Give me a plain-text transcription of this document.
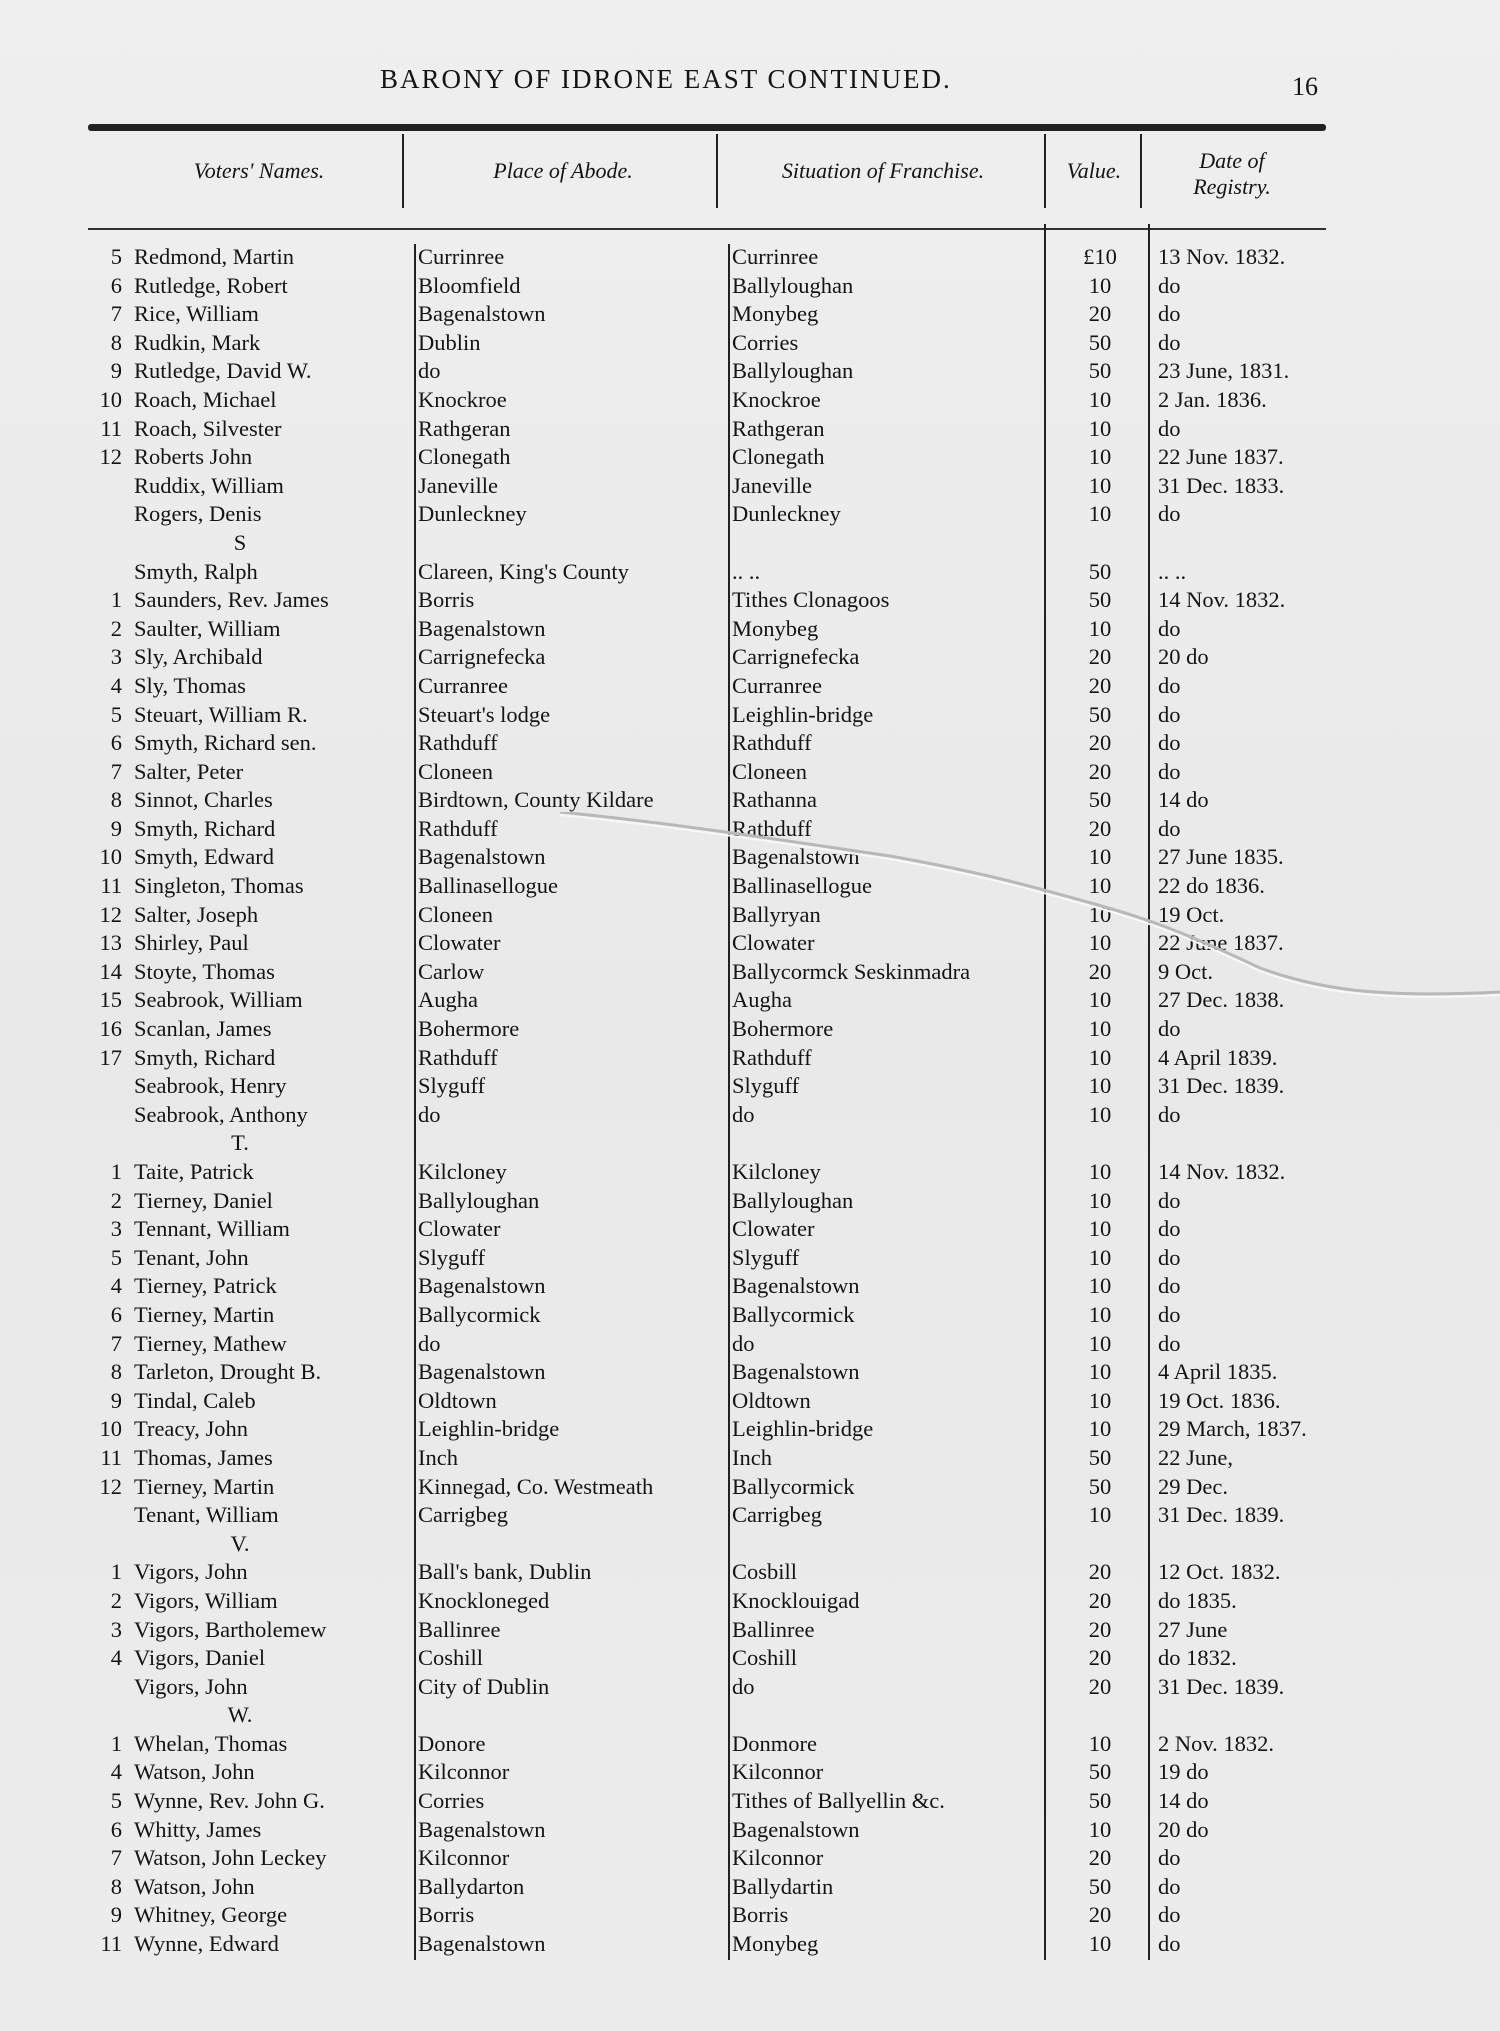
BARONY OF IDRONE EAST CONTINUED.	16
Voters' Names.	Place of Abode.	Situation of Franchise.	Value.	Date of
Registry.
5 Redmond, Martin	Currinree	Currinree	£10	13 Nov. 1832.
6 Rutledge, Robert	Bloomfield	Ballyloughan	10	do
7 Rice, William	Bagenalstown	Monybeg	20	do
8 Rudkin, Mark	Dublin	Corries	50	do
9 Rutledge, David W.	do	Ballyloughan	50	23 June, 1831.
10 Roach, Michael	Knockroe	Knockroe	10	2 Jan. 1836.
11 Roach, Silvester	Rathgeran	Rathgeran	10	do
12 Roberts John	Clonegath	Clonegath	10	22 June 1837.
Ruddix, William	Janeville	Janeville	10	31 Dec. 1833.
Rogers, Denis	Dunleckney	Dunleckney	10	do
S
Smyth, Ralph	Clareen, King's County	.. ..	50	.. ..
1 Saunders, Rev. James	Borris	Tithes Clonagoos	50	14 Nov. 1832.
2 Saulter, William	Bagenalstown	Monybeg	10	do
3 Sly, Archibald	Carrignefecka	Carrignefecka	20	20 do
4 Sly, Thomas	Curranree	Curranree	20	do
5 Steuart, William R.	Steuart's lodge	Leighlin-bridge	50	do
6 Smyth, Richard sen.	Rathduff	Rathduff	20	do
7 Salter, Peter	Cloneen	Cloneen	20	do
8 Sinnot, Charles	Birdtown, County Kildare	Rathanna	50	14 do
9 Smyth, Richard	Rathduff	Rathduff	20	do
10 Smyth, Edward	Bagenalstown	Bagenalstown	10	27 June 1835.
11 Singleton, Thomas	Ballinasellogue	Ballinasellogue	10	22 do 1836.
12 Salter, Joseph	Cloneen	Ballyryan	10	19 Oct.
13 Shirley, Paul	Clowater	Clowater	10	22 June 1837.
14 Stoyte, Thomas	Carlow	Ballycormck Seskinmadra	20	9 Oct.
15 Seabrook, William	Augha	Augha	10	27 Dec. 1838.
16 Scanlan, James	Bohermore	Bohermore	10	do
17 Smyth, Richard	Rathduff	Rathduff	10	4 April 1839.
Seabrook, Henry	Slyguff	Slyguff	10	31 Dec. 1839.
Seabrook, Anthony	do	do	10	do
T.
1 Taite, Patrick	Kilcloney	Kilcloney	10	14 Nov. 1832.
2 Tierney, Daniel	Ballyloughan	Ballyloughan	10	do
3 Tennant, William	Clowater	Clowater	10	do
5 Tenant, John	Slyguff	Slyguff	10	do
4 Tierney, Patrick	Bagenalstown	Bagenalstown	10	do
6 Tierney, Martin	Ballycormick	Ballycormick	10	do
7 Tierney, Mathew	do	do	10	do
8 Tarleton, Drought B.	Bagenalstown	Bagenalstown	10	4 April 1835.
9 Tindal, Caleb	Oldtown	Oldtown	10	19 Oct. 1836.
10 Treacy, John	Leighlin-bridge	Leighlin-bridge	10	29 March, 1837.
11 Thomas, James	Inch	Inch	50	22 June,
12 Tierney, Martin	Kinnegad, Co. Westmeath	Ballycormick	50	29 Dec.
Tenant, William	Carrigbeg	Carrigbeg	10	31 Dec. 1839.
V.
1 Vigors, John	Ball's bank, Dublin	Cosbill	20	12 Oct. 1832.
2 Vigors, William	Knockloneged	Knocklouigad	20	do 1835.
3 Vigors, Bartholemew	Ballinree	Ballinree	20	27 June
4 Vigors, Daniel	Coshill	Coshill	20	do 1832.
Vigors, John	City of Dublin	do	20	31 Dec. 1839.
W.
1 Whelan, Thomas	Donore	Donmore	10	2 Nov. 1832.
4 Watson, John	Kilconnor	Kilconnor	50	19 do
5 Wynne, Rev. John G.	Corries	Tithes of Ballyellin &c.	50	14 do
6 Whitty, James	Bagenalstown	Bagenalstown	10	20 do
7 Watson, John Leckey	Kilconnor	Kilconnor	20	do
8 Watson, John	Ballydarton	Ballydartin	50	do
9 Whitney, George	Borris	Borris	20	do
11 Wynne, Edward	Bagenalstown	Monybeg	10	do
